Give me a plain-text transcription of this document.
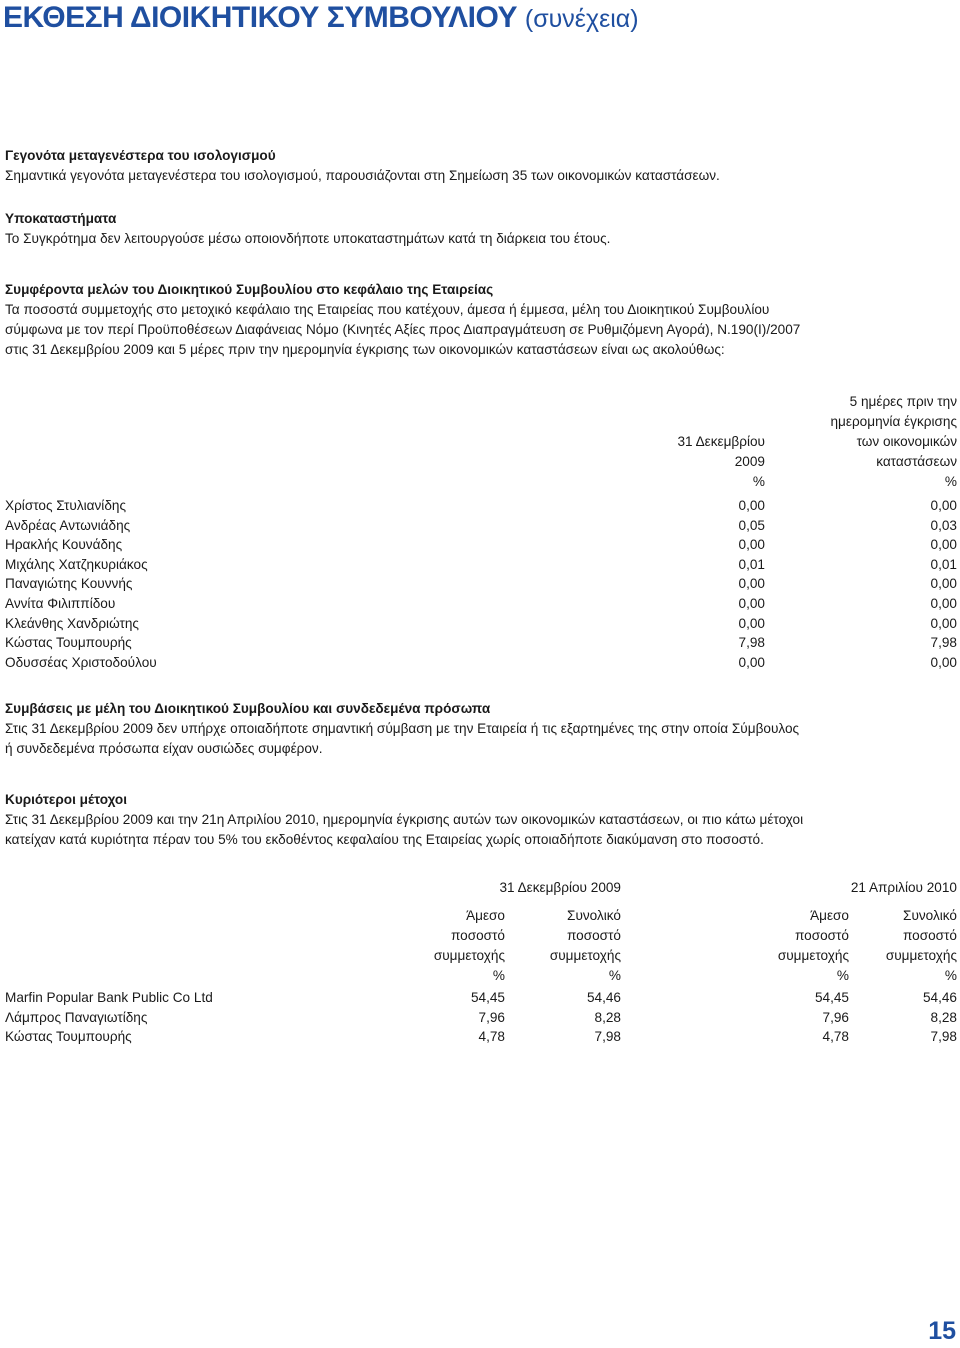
ΕΚΘΕΣΗ ΔΙΟΙΚΗΤΙΚΟΥ ΣΥΜΒΟΥΛΙΟΥ (συνέχεια)
Γεγονότα μεταγενέστερα του ισολογισμού

Σημαντικά γεγονότα μεταγενέστερα του ισολογισμού, παρουσιάζονται στη Σημείωση 35 των οικονομικών καταστάσεων.

Υποκαταστήματα

Το Συγκρότημα δεν λειτουργούσε μέσω οποιονδήποτε υποκαταστημάτων κατά τη διάρκεια του έτους.

Συμφέροντα μελών του Διοικητικού Συμβουλίου στο κεφάλαιο της Εταιρείας

Τα ποσοστά συμμετοχής στο μετοχικό κεφάλαιο της Εταιρείας που κατέχουν, άμεσα ή έμμεσα, μέλη του Διοικητικού Συμβουλίου

σύμφωνα με τον περί Προϋποθέσεων Διαφάνειας Νόμο (Κινητές Αξίες προς Διαπραγμάτευση σε Ρυθμιζόμενη Αγορά), Ν.190(Ι)/2007

στις 31 Δεκεμβρίου 2009 και 5 μέρες πριν την ημερομηνία έγκρισης των οικονομικών καταστάσεων είναι ως ακολούθως:

31 Δεκεμβρίου
2009
%
5 ημέρες πριν την
ημερομηνία έγκρισης
των οικονομικών
καταστάσεων
%
Χρίστος Στυλιανίδης	0,00	0,00
Ανδρέας Αντωνιάδης	0,05	0,03
Ηρακλής Κουνάδης	0,00	0,00
Μιχάλης Χατζηκυριάκος	0,01	0,01
Παναγιώτης Κουννής	0,00	0,00
Αννίτα Φιλιππίδου	0,00	0,00
Κλεάνθης Χανδριώτης	0,00	0,00
Κώστας Τουμπουρής	7,98	7,98
Οδυσσέας Χριστοδούλου	0,00	0,00
Συμβάσεις με μέλη του Διοικητικού Συμβουλίου και συνδεδεμένα πρόσωπα

Στις 31 Δεκεμβρίου 2009 δεν υπήρχε οποιαδήποτε σημαντική σύμβαση με την Εταιρεία ή τις εξαρτημένες της στην οποία Σύμβουλος

ή συνδεδεμένα πρόσωπα είχαν ουσιώδες συμφέρον.

Κυριότεροι μέτοχοι

Στις 31 Δεκεμβρίου 2009 και την 21η Απριλίου 2010, ημερομηνία έγκρισης αυτών των οικονομικών καταστάσεων, οι πιο κάτω μέτοχοι

κατείχαν κατά κυριότητα πέραν του 5% του εκδοθέντος κεφαλαίου της Εταιρείας χωρίς οποιαδήποτε διακύμανση στο ποσοστό.

31 Δεκεμβρίου 2009	21 Απριλίου 2010
Άμεσο
ποσοστό
συμμετοχής
%
Συνολικό
ποσοστό
συμμετοχής
%
Άμεσο
ποσοστό
συμμετοχής
%
Συνολικό
ποσοστό
συμμετοχής
%
Marfin Popular Bank Public Co Ltd	54,45	54,46	54,45	54,46
Λάμπρος Παναγιωτίδης	7,96	8,28	7,96	8,28
Κώστας Τουμπουρής	4,78	7,98	4,78	7,98
15
